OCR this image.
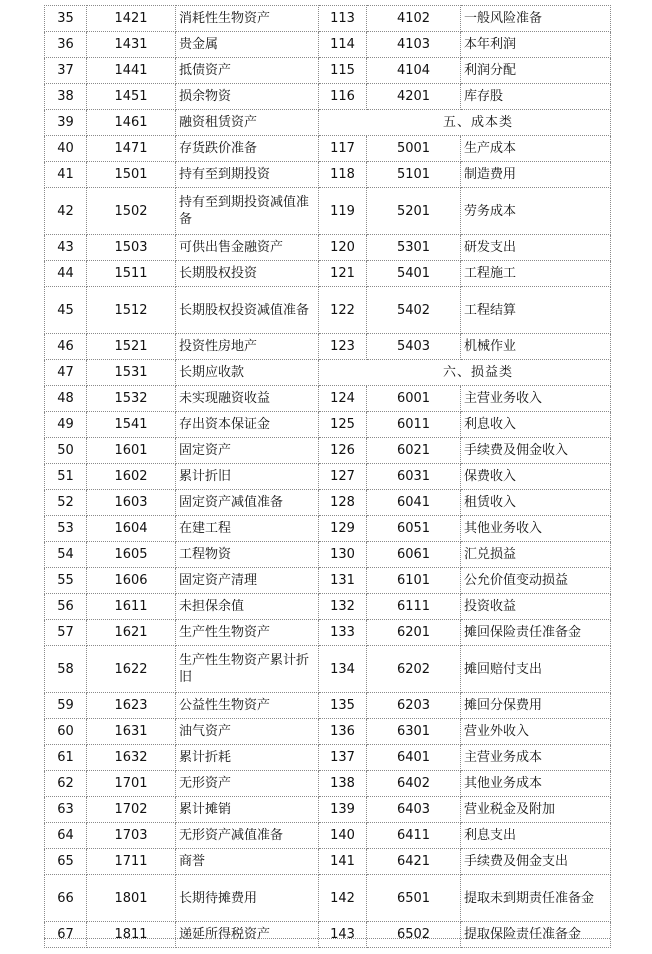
35	1421	消耗性生物资产	113	4102	一般风险准备
36	1431	贵金属	114	4103	本年利润
37	1441	抵债资产	115	4104	利润分配
38	1451	损余物资	116	4201	库存股
39	1461	融资租赁资产	五、成本类		
40	1471	存货跌价准备	117	5001	生产成本
41	1501	持有至到期投资	118	5101	制造费用
42	1502	持有至到期投资减值准备	119	5201	劳务成本
43	1503	可供出售金融资产	120	5301	研发支出
44	1511	长期股权投资	121	5401	工程施工
45	1512	长期股权投资减值准备	122	5402	工程结算
46	1521	投资性房地产	123	5403	机械作业
47	1531	长期应收款	六、损益类		
48	1532	未实现融资收益	124	6001	主营业务收入
49	1541	存出资本保证金	125	6011	利息收入
50	1601	固定资产	126	6021	手续费及佣金收入
51	1602	累计折旧	127	6031	保费收入
52	1603	固定资产减值准备	128	6041	租赁收入
53	1604	在建工程	129	6051	其他业务收入
54	1605	工程物资	130	6061	汇兑损益
55	1606	固定资产清理	131	6101	公允价值变动损益
56	1611	未担保余值	132	6111	投资收益
57	1621	生产性生物资产	133	6201	摊回保险责任准备金
58	1622	生产性生物资产累计折旧	134	6202	摊回赔付支出
59	1623	公益性生物资产	135	6203	摊回分保费用
60	1631	油气资产	136	6301	营业外收入
61	1632	累计折耗	137	6401	主营业务成本
62	1701	无形资产	138	6402	其他业务成本
63	1702	累计摊销	139	6403	营业税金及附加
64	1703	无形资产减值准备	140	6411	利息支出
65	1711	商誉	141	6421	手续费及佣金支出
66	1801	长期待摊费用	142	6501	提取未到期责任准备金
67	1811	递延所得税资产	143	6502	提取保险责任准备金
